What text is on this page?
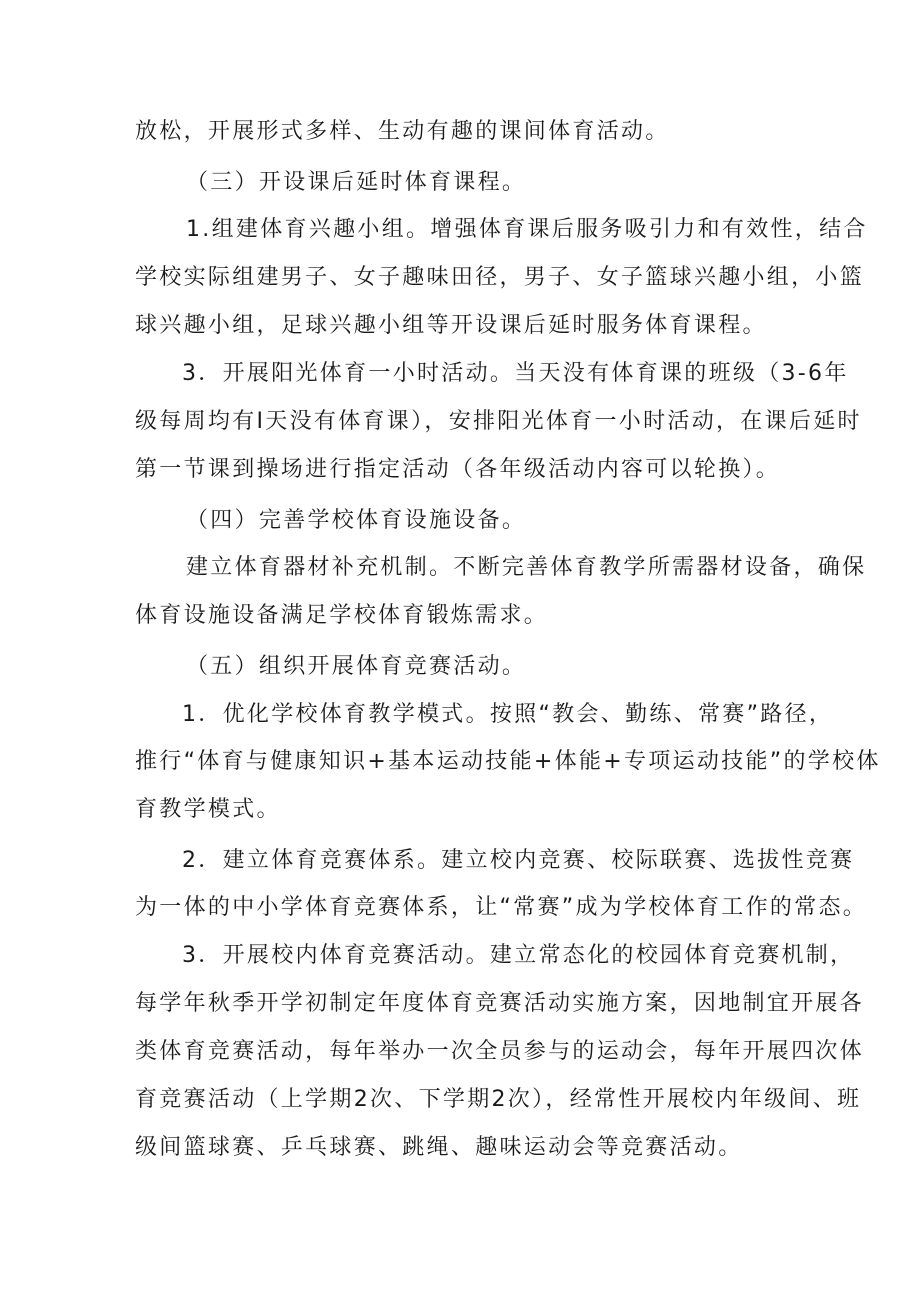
放松，开展形式多样、生动有趣的课间体育活动。
（三）开设课后延时体育课程。
1.组建体育兴趣小组。增强体育课后服务吸引力和有效性，结合
学校实际组建男子、女子趣味田径，男子、女子篮球兴趣小组，小篮
球兴趣小组，足球兴趣小组等开设课后延时服务体育课程。
3．开展阳光体育一小时活动。当天没有体育课的班级（3-6年
级每周均有I天没有体育课），安排阳光体育一小时活动，在课后延时
第一节课到操场进行指定活动（各年级活动内容可以轮换）。
（四）完善学校体育设施设备。
建立体育器材补充机制。不断完善体育教学所需器材设备，确保
体育设施设备满足学校体育锻炼需求。
（五）组织开展体育竞赛活动。
1．优化学校体育教学模式。按照“教会、勤练、常赛”路径，
推行“体育与健康知识+基本运动技能+体能+专项运动技能”的学校体
育教学模式。
2．建立体育竞赛体系。建立校内竞赛、校际联赛、选拔性竞赛
为一体的中小学体育竞赛体系，让“常赛”成为学校体育工作的常态。
3．开展校内体育竞赛活动。建立常态化的校园体育竞赛机制，
每学年秋季开学初制定年度体育竞赛活动实施方案，因地制宜开展各
类体育竞赛活动，每年举办一次全员参与的运动会，每年开展四次体
育竞赛活动（上学期2次、下学期2次），经常性开展校内年级间、班
级间篮球赛、乒乓球赛、跳绳、趣味运动会等竞赛活动。
